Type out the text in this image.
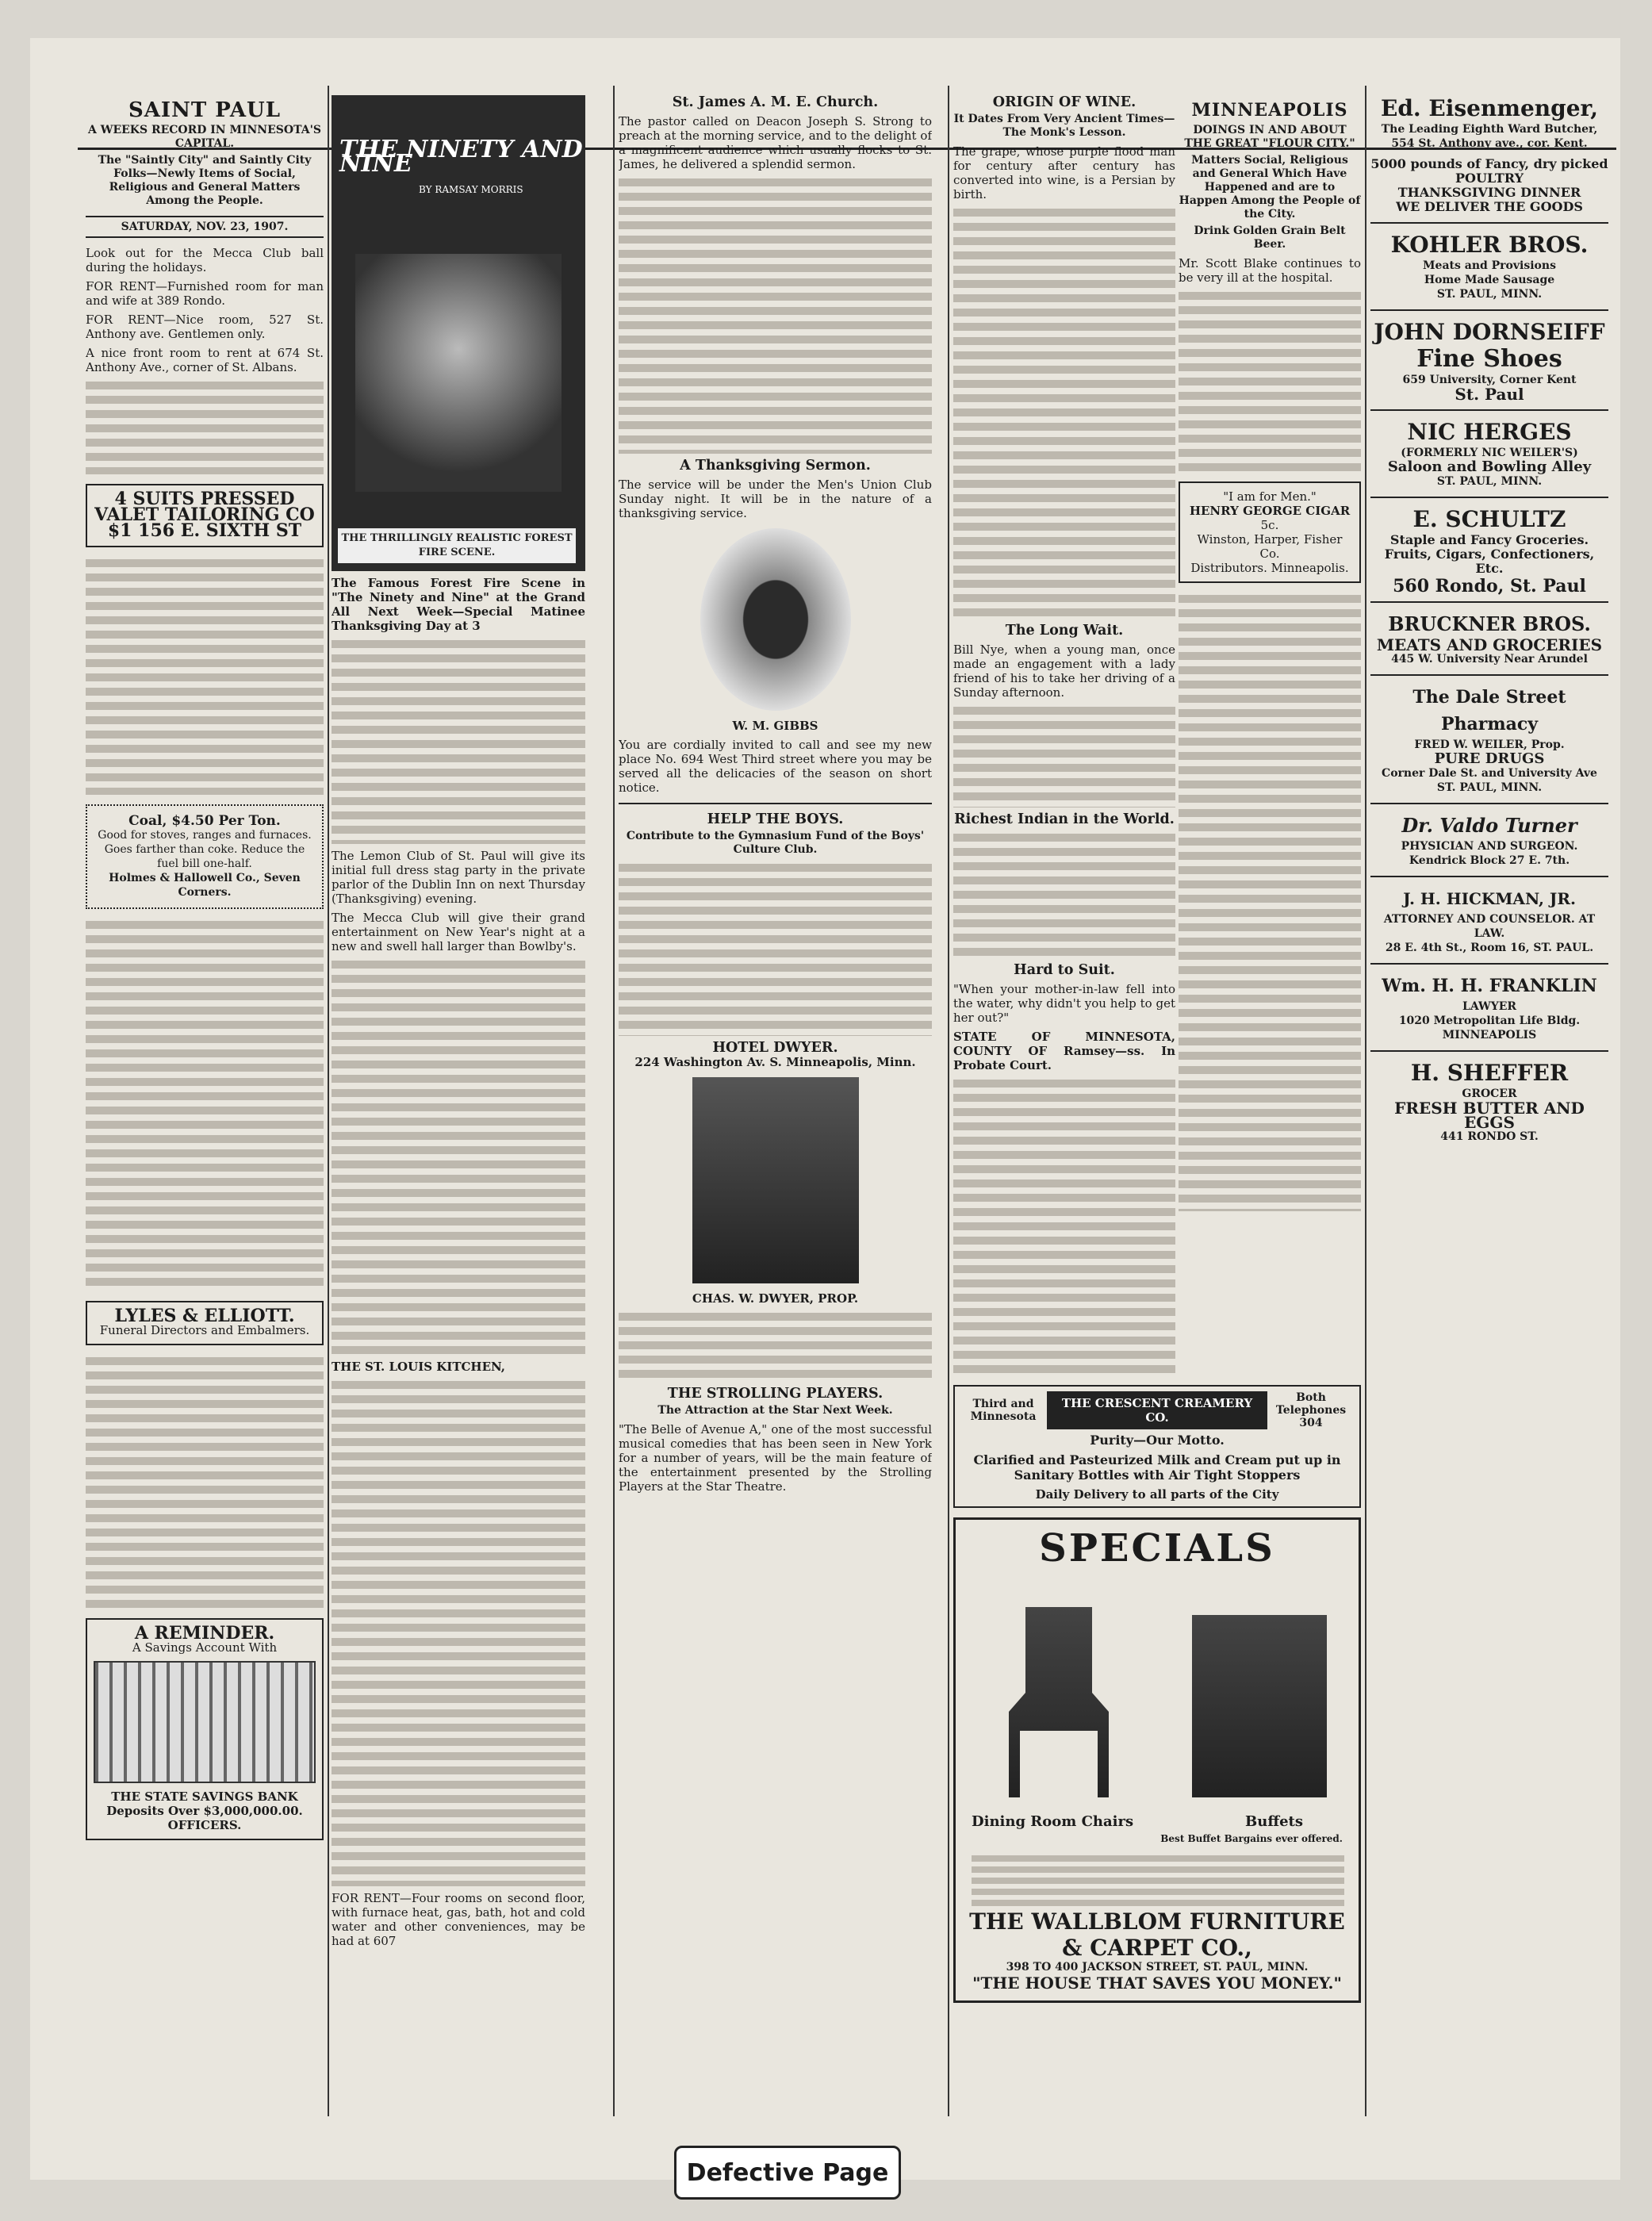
SAINT PAUL
A WEEKS RECORD IN MINNESOTA'S CAPITAL.
The "Saintly City" and Saintly City Folks—Newly Items of Social, Religious and General Matters Among the People.
SATURDAY, NOV. 23, 1907.

Look out for the Mecca Club ball during the holidays.

FOR RENT—Furnished room for man and wife at 389 Rondo.

FOR RENT—Nice room, 527 St. Anthony ave. Gentlemen only.

A nice front room to rent at 674 St. Anthony Ave., corner of St. Albans.

4 SUITS PRESSED VALET TAILORING CO $1 156 E. SIXTH ST
Coal, $4.50 Per Ton.
Good for stoves, ranges and furnaces. Goes farther than coke. Reduce the fuel bill one-half.
Holmes & Hallowell Co., Seven Corners.
LYLES & ELLIOTT.
Funeral Directors and Embalmers.
A REMINDER.
A Savings Account With
THE STATE SAVINGS BANK
Deposits Over $3,000,000.00.
OFFICERS.
THE NINETY AND NINE
BY RAMSAY MORRIS
THE THRILLINGLY REALISTIC FOREST FIRE SCENE.

The Famous Forest Fire Scene in "The Ninety and Nine" at the Grand All Next Week—Special Matinee Thanksgiving Day at 3

The Lemon Club of St. Paul will give its initial full dress stag party in the private parlor of the Dublin Inn on next Thursday (Thanksgiving) evening.

The Mecca Club will give their grand entertainment on New Year's night at a new and swell hall larger than Bowlby's.

THE ST. LOUIS KITCHEN,

FOR RENT—Four rooms on second floor, with furnace heat, gas, bath, hot and cold water and other conveniences, may be had at 607

St. James A. M. E. Church.

The pastor called on Deacon Joseph S. Strong to preach at the morning service, and to the delight of a magnificent audience which usually flocks to St. James, he delivered a splendid sermon.

A Thanksgiving Sermon.

The service will be under the Men's Union Club Sunday night. It will be in the nature of a thanksgiving service.

W. M. GIBBS

You are cordially invited to call and see my new place No. 694 West Third street where you may be served all the delicacies of the season on short notice.

HELP THE BOYS.
Contribute to the Gymnasium Fund of the Boys' Culture Club.
HOTEL DWYER.
224 Washington Av. S. Minneapolis, Minn.
CHAS. W. DWYER, PROP.
THE STROLLING PLAYERS.
The Attraction at the Star Next Week.

"The Belle of Avenue A," one of the most successful musical comedies that has been seen in New York for a number of years, will be the main feature of the entertainment presented by the Strolling Players at the Star Theatre.

ORIGIN OF WINE.
It Dates From Very Ancient Times—The Monk's Lesson.

The grape, whose purple flood man for century after century has converted into wine, is a Persian by birth.

The Long Wait.

Bill Nye, when a young man, once made an engagement with a lady friend of his to take her driving of a Sunday afternoon.

Richest Indian in the World.
Hard to Suit.

"When your mother-in-law fell into the water, why didn't you help to get her out?"

STATE OF MINNESOTA, COUNTY OF Ramsey—ss. In Probate Court.

MINNEAPOLIS
DOINGS IN AND ABOUT THE GREAT "FLOUR CITY."
Matters Social, Religious and General Which Have Happened and are to Happen Among the People of the City.
Drink Golden Grain Belt Beer.

Mr. Scott Blake continues to be very ill at the hospital.

"I am for Men."
HENRY GEORGE CIGAR
5c.
Winston, Harper, Fisher Co.
Distributors. Minneapolis.
Third and Minnesota
THE CRESCENT CREAMERY CO.
Both Telephones 304
Purity—Our Motto.
Clarified and Pasteurized Milk and Cream put up in Sanitary Bottles with Air Tight Stoppers
Daily Delivery to all parts of the City
SPECIALS
Dining Room Chairs	Buffets
Best Buffet Bargains ever offered.
THE WALLBLOM FURNITURE & CARPET CO.,
398 TO 400 JACKSON STREET, ST. PAUL, MINN.
"THE HOUSE THAT SAVES YOU MONEY."
Ed. Eisenmenger,
The Leading Eighth Ward Butcher,
554 St. Anthony ave., cor. Kent.
5000 pounds of Fancy, dry picked POULTRY
THANKSGIVING DINNER
WE DELIVER THE GOODS
KOHLER BROS.
Meats and Provisions
Home Made Sausage
ST. PAUL, MINN.
JOHN DORNSEIFF
Fine Shoes
659 University, Corner Kent
St. Paul
NIC HERGES
(FORMERLY NIC WEILER'S)
Saloon and Bowling Alley
ST. PAUL, MINN.
E. SCHULTZ
Staple and Fancy Groceries. Fruits, Cigars, Confectioners, Etc.
560 Rondo, St. Paul
BRUCKNER BROS.
MEATS AND GROCERIES
445 W. University Near Arundel
The Dale Street Pharmacy
FRED W. WEILER, Prop.
PURE DRUGS
Corner Dale St. and University Ave ST. PAUL, MINN.
Dr. Valdo Turner
PHYSICIAN AND SURGEON.
Kendrick Block 27 E. 7th.
J. H. HICKMAN, JR.
ATTORNEY AND COUNSELOR. AT LAW.
28 E. 4th St., Room 16, ST. PAUL.
Wm. H. H. FRANKLIN
LAWYER
1020 Metropolitan Life Bldg.
MINNEAPOLIS
H. SHEFFER
GROCER
FRESH BUTTER AND EGGS
441 RONDO ST.
Defective Page
